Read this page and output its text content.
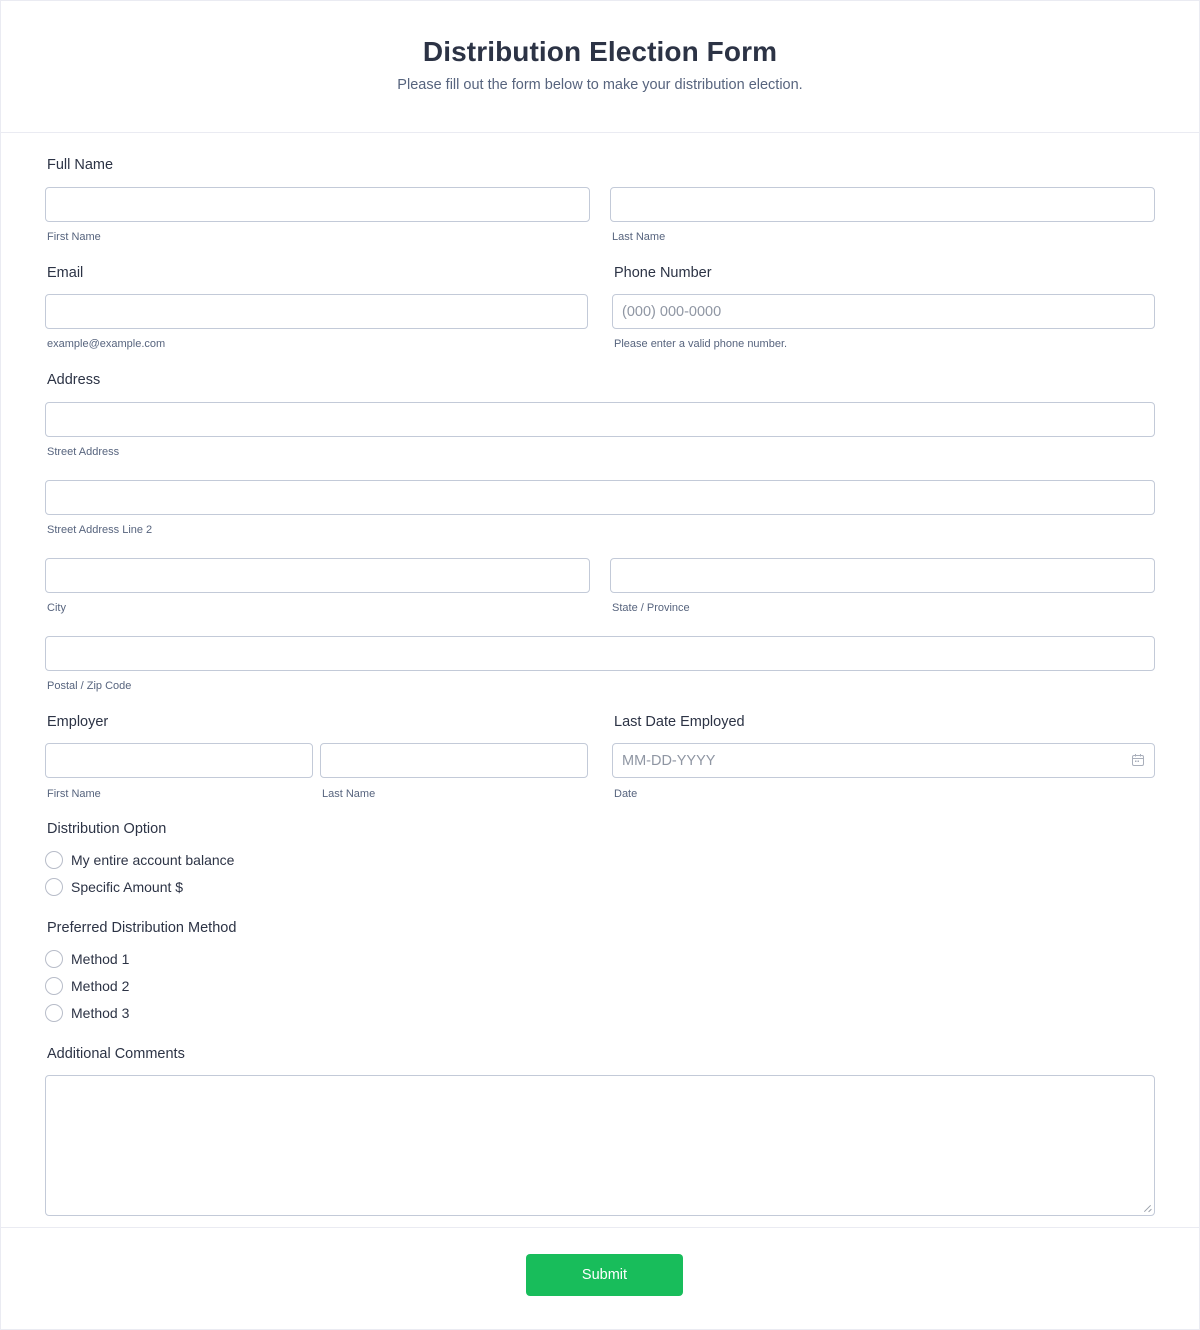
Distribution Election Form

Please fill out the form below to make your distribution election.

Full Name
First Name	Last Name
Email
example@example.com
Phone Number
(000) 000-0000
Please enter a valid phone number.
Address
Street Address
Street Address Line 2
City	State / Province
Postal / Zip Code
Employer
First Name	Last Name
Last Date Employed
MM-DD-YYYY
Date
Distribution Option
My entire account balance
Specific Amount $
Preferred Distribution Method
Method 1
Method 2
Method 3
Additional Comments
Submit
